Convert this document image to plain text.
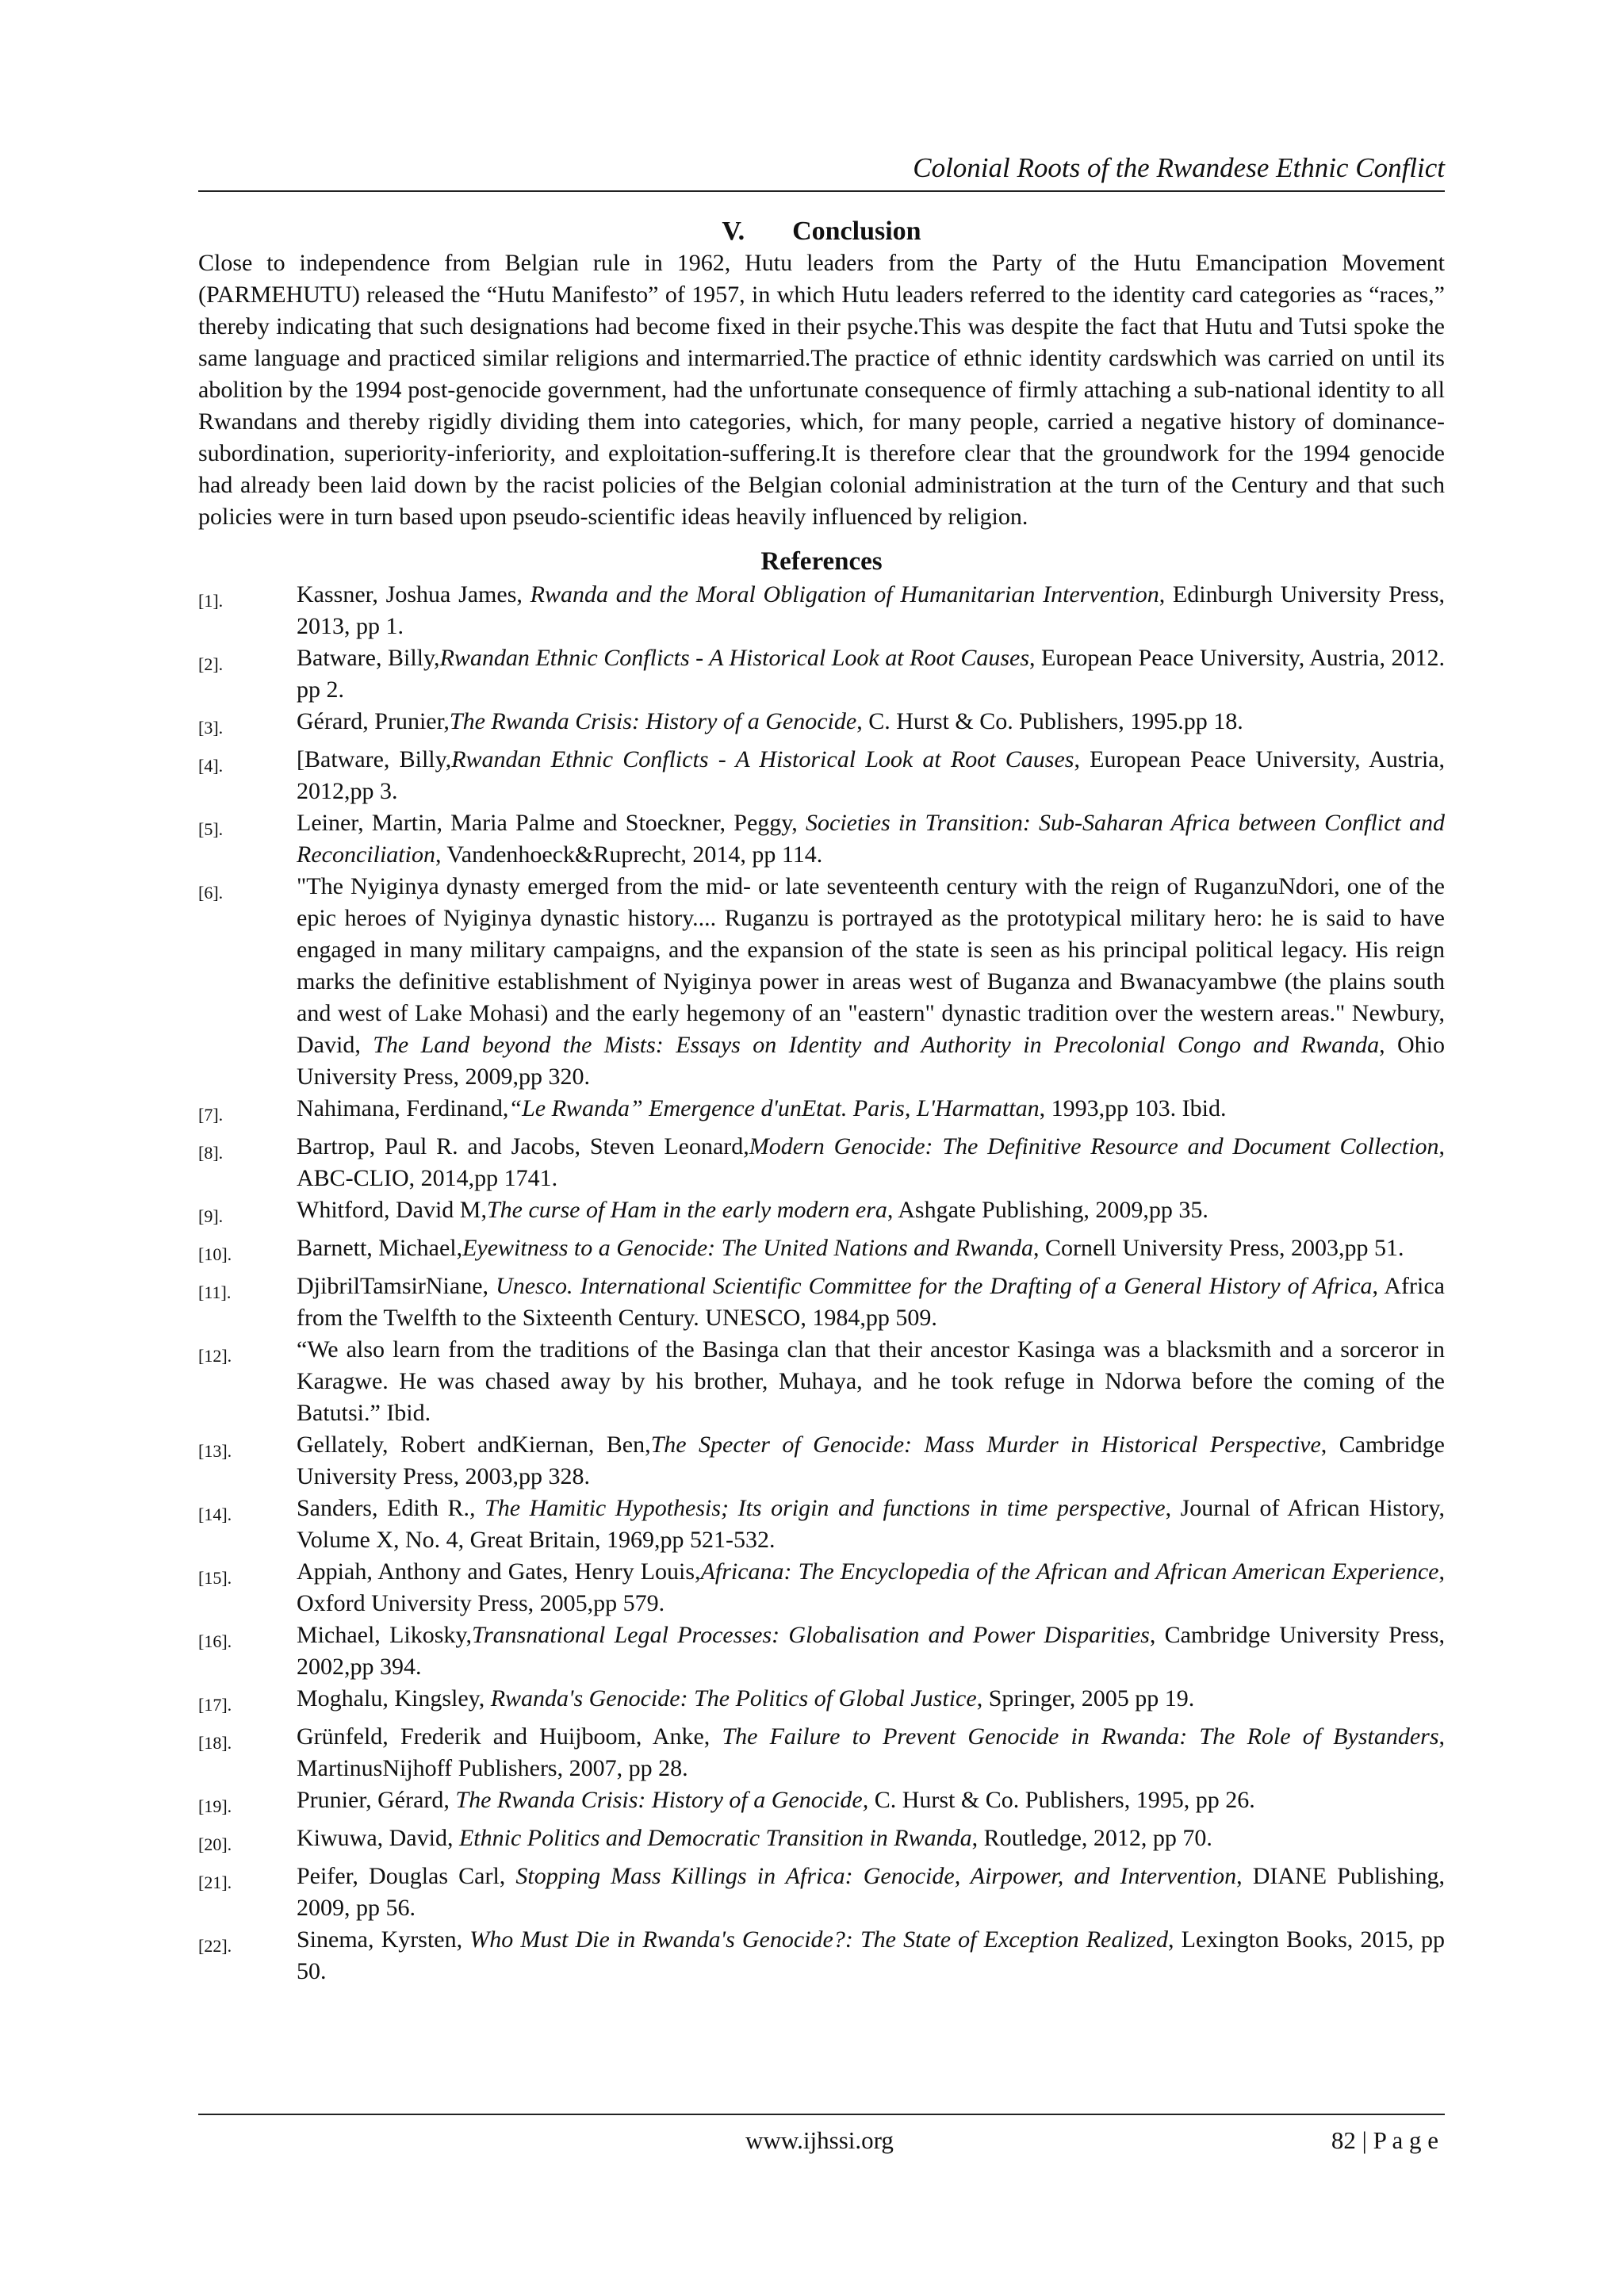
Colonial Roots of the Rwandese Ethnic Conflict
V. Conclusion

Close to independence from Belgian rule in 1962, Hutu leaders from the Party of the Hutu Emancipation Movement (PARMEHUTU) released the “Hutu Manifesto” of 1957, in which Hutu leaders referred to the identity card categories as “races,” thereby indicating that such designations had become fixed in their psyche.This was despite the fact that Hutu and Tutsi spoke the same language and practiced similar religions and intermarried.The practice of ethnic identity cardswhich was carried on until its abolition by the 1994 post-genocide government, had the unfortunate consequence of firmly attaching a sub-national identity to all Rwandans and thereby rigidly dividing them into categories, which, for many people, carried a negative history of dominance-subordination, superiority-inferiority, and exploitation-suffering.It is therefore clear that the groundwork for the 1994 genocide had already been laid down by the racist policies of the Belgian colonial administration at the turn of the Century and that such policies were in turn based upon pseudo-scientific ideas heavily influenced by religion.

References
[1].	Kassner, Joshua James, Rwanda and the Moral Obligation of Humanitarian Intervention, Edinburgh University Press, 2013, pp 1.
[2].	Batware, Billy,Rwandan Ethnic Conflicts - A Historical Look at Root Causes, European Peace University, Austria, 2012. pp 2.
[3].	Gérard, Prunier,The Rwanda Crisis: History of a Genocide, C. Hurst & Co. Publishers, 1995.pp 18.
[4].	[Batware, Billy,Rwandan Ethnic Conflicts - A Historical Look at Root Causes, European Peace University, Austria, 2012,pp 3.
[5].	Leiner, Martin, Maria Palme and Stoeckner, Peggy, Societies in Transition: Sub-Saharan Africa between Conflict and Reconciliation, Vandenhoeck&Ruprecht, 2014, pp 114.
[6].	"The Nyiginya dynasty emerged from the mid- or late seventeenth century with the reign of RuganzuNdori, one of the epic heroes of Nyiginya dynastic history.... Ruganzu is portrayed as the prototypical military hero: he is said to have engaged in many military campaigns, and the expansion of the state is seen as his principal political legacy. His reign marks the definitive establishment of Nyiginya power in areas west of Buganza and Bwanacyambwe (the plains south and west of Lake Mohasi) and the early hegemony of an "eastern" dynastic tradition over the western areas." Newbury, David, The Land beyond the Mists: Essays on Identity and Authority in Precolonial Congo and Rwanda, Ohio University Press, 2009,pp 320.
[7].	Nahimana, Ferdinand,“Le Rwanda” Emergence d'unEtat. Paris, L'Harmattan, 1993,pp 103. Ibid.
[8].	Bartrop, Paul R. and Jacobs, Steven Leonard,Modern Genocide: The Definitive Resource and Document Collection, ABC-CLIO, 2014,pp 1741.
[9].	Whitford, David M,The curse of Ham in the early modern era, Ashgate Publishing, 2009,pp 35.
[10].	Barnett, Michael,Eyewitness to a Genocide: The United Nations and Rwanda, Cornell University Press, 2003,pp 51.
[11].	DjibrilTamsirNiane, Unesco. International Scientific Committee for the Drafting of a General History of Africa, Africa from the Twelfth to the Sixteenth Century. UNESCO, 1984,pp 509.
[12].	“We also learn from the traditions of the Basinga clan that their ancestor Kasinga was a blacksmith and a sorceror in Karagwe. He was chased away by his brother, Muhaya, and he took refuge in Ndorwa before the coming of the Batutsi.” Ibid.
[13].	Gellately, Robert andKiernan, Ben,The Specter of Genocide: Mass Murder in Historical Perspective, Cambridge University Press, 2003,pp 328.
[14].	Sanders, Edith R., The Hamitic Hypothesis; Its origin and functions in time perspective, Journal of African History, Volume X, No. 4, Great Britain, 1969,pp 521-532.
[15].	Appiah, Anthony and Gates, Henry Louis,Africana: The Encyclopedia of the African and African American Experience, Oxford University Press, 2005,pp 579.
[16].	Michael, Likosky,Transnational Legal Processes: Globalisation and Power Disparities, Cambridge University Press, 2002,pp 394.
[17].	Moghalu, Kingsley, Rwanda's Genocide: The Politics of Global Justice, Springer, 2005 pp 19.
[18].	Grünfeld, Frederik and Huijboom, Anke, The Failure to Prevent Genocide in Rwanda: The Role of Bystanders, MartinusNijhoff Publishers, 2007, pp 28.
[19].	Prunier, Gérard, The Rwanda Crisis: History of a Genocide, C. Hurst & Co. Publishers, 1995, pp 26.
[20].	Kiwuwa, David, Ethnic Politics and Democratic Transition in Rwanda, Routledge, 2012, pp 70.
[21].	Peifer, Douglas Carl, Stopping Mass Killings in Africa: Genocide, Airpower, and Intervention, DIANE Publishing, 2009, pp 56.
[22].	Sinema, Kyrsten, Who Must Die in Rwanda's Genocide?: The State of Exception Realized, Lexington Books, 2015, pp 50.
www.ijhssi.org	82 | P a g e
